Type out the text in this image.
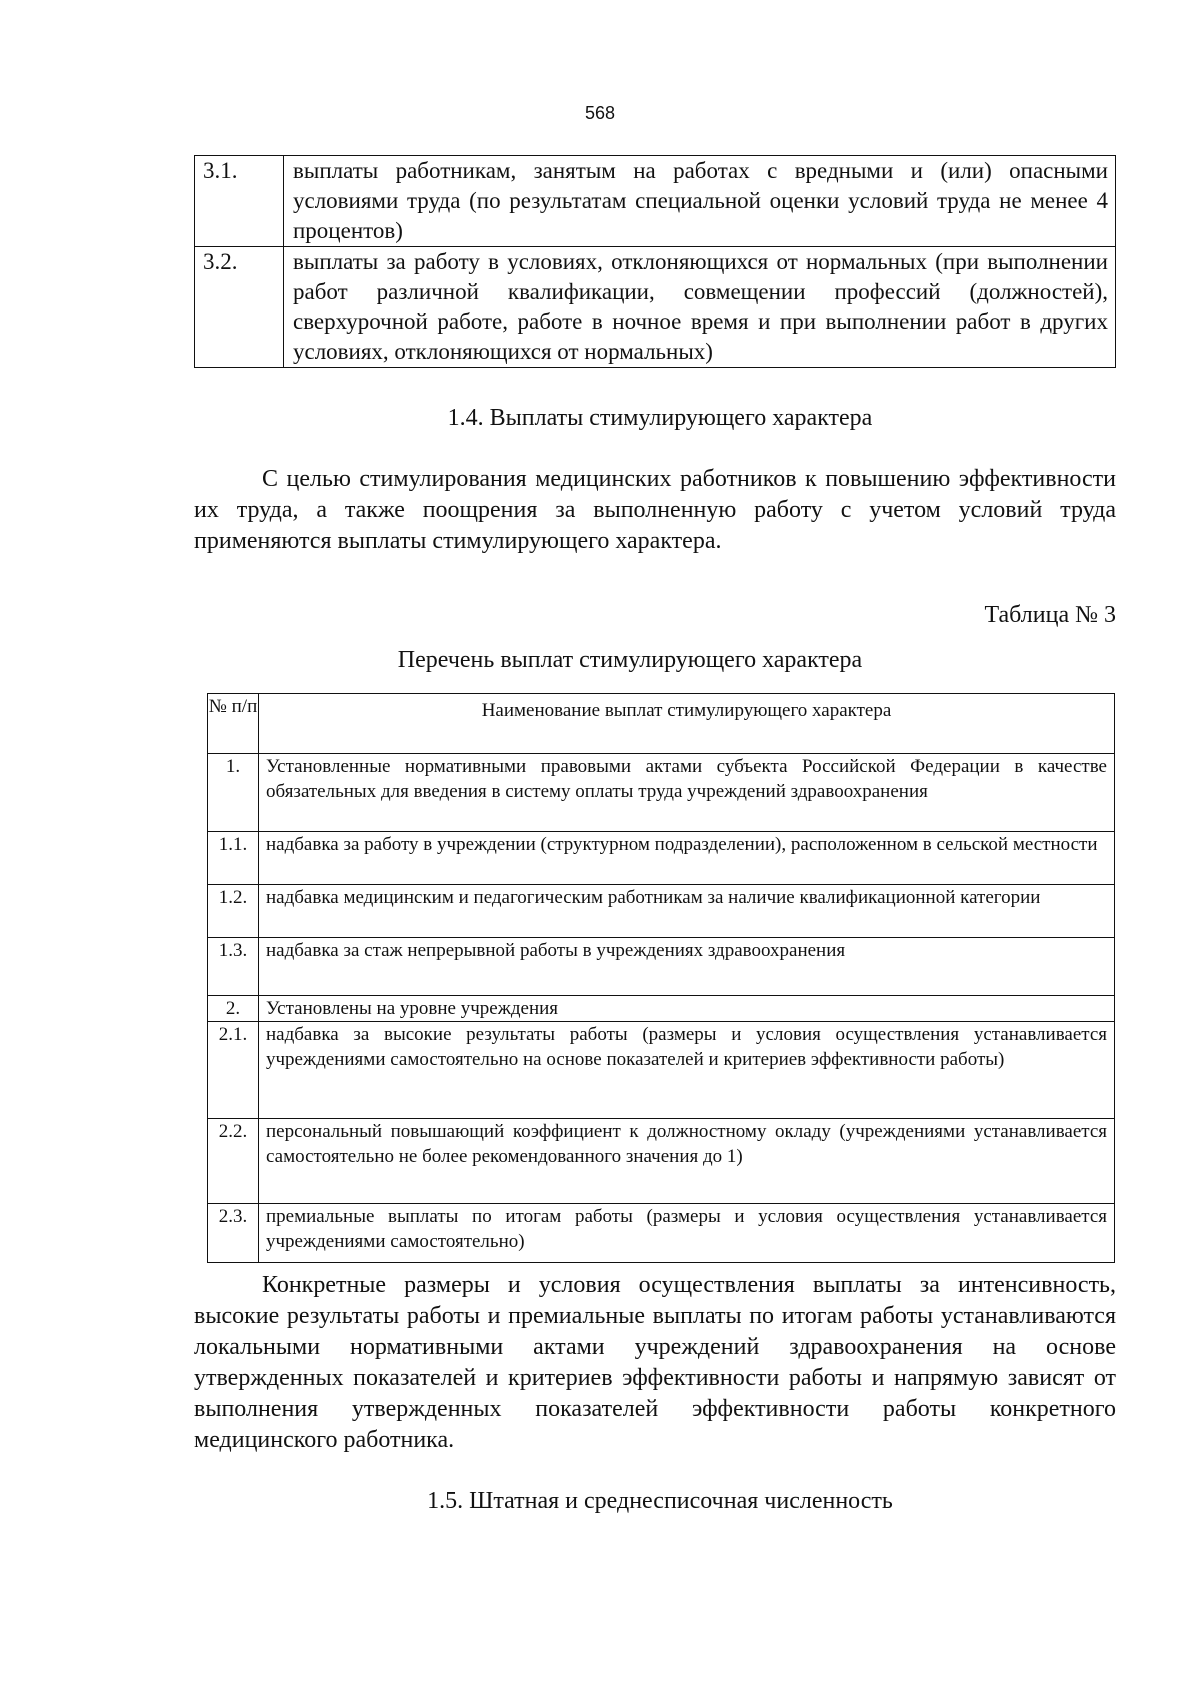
568
3.1.	выплаты работникам, занятым на работах с вредными и (или) опасными условиями труда (по результатам специальной оценки условий труда не менее 4 процентов)
3.2.	выплаты за работу в условиях, отклоняющихся от нормальных (при выполнении работ различной квалификации, совмещении профессий (должностей), сверхурочной работе, работе в ночное время и при выполнении работ в других условиях, отклоняющихся от нормальных)
1.4. Выплаты стимулирующего характера
С целью стимулирования медицинских работников к повышению эффективности их труда, а также поощрения за выполненную работу с учетом условий труда применяются выплаты стимулирующего характера.
Таблица № 3
Перечень выплат стимулирующего характера
№ п/п	Наименование выплат стимулирующего характера
1.	Установленные нормативными правовыми актами субъекта Российской Федерации в качестве обязательных для введения в систему оплаты труда учреждений здравоохранения
1.1.	надбавка за работу в учреждении (структурном подразделении), расположенном в сельской местности
1.2.	надбавка медицинским и педагогическим работникам за наличие квалификационной категории
1.3.	надбавка за стаж непрерывной работы в учреждениях здравоохранения
2.	Установлены на уровне учреждения
2.1.	надбавка за высокие результаты работы (размеры и условия осуществления устанавливается учреждениями самостоятельно на основе показателей и критериев эффективности работы)
2.2.	персональный повышающий коэффициент к должностному окладу (учреждениями устанавливается самостоятельно не более рекомендованного значения до 1)
2.3.	премиальные выплаты по итогам работы (размеры и условия осуществления устанавливается учреждениями самостоятельно)
Конкретные размеры и условия осуществления выплаты за интенсивность, высокие результаты работы и премиальные выплаты по итогам работы устанавливаются локальными нормативными актами учреждений здравоохранения на основе утвержденных показателей и критериев эффективности работы и напрямую зависят от выполнения утвержденных показателей эффективности работы конкретного медицинского работника.
1.5. Штатная и среднесписочная численность
